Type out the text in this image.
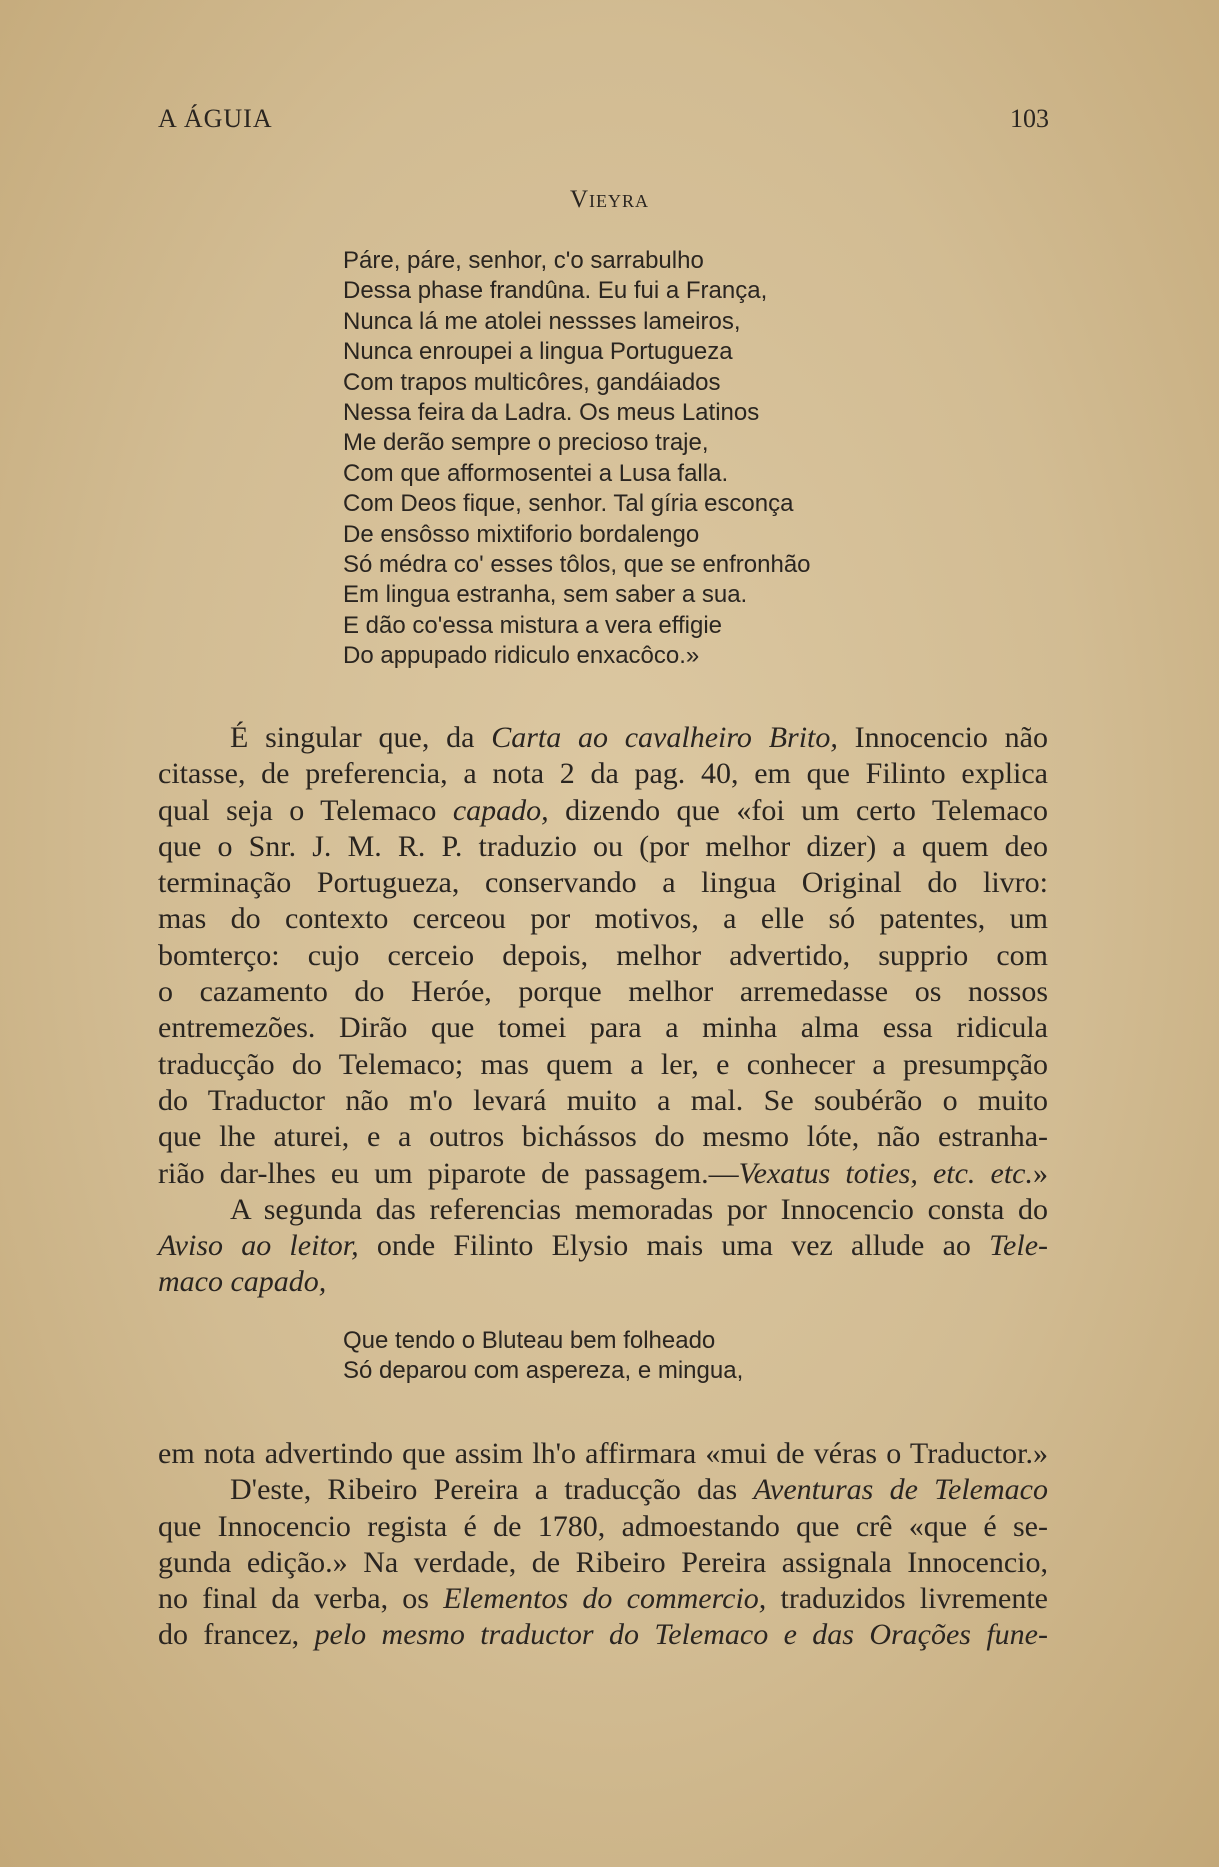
A ÁGUIA	103
Vieyra
Páre, páre, senhor, c'o sarrabulho
Dessa phase frandûna. Eu fui a França,
Nunca lá me atolei nessses lameiros,
Nunca enroupei a lingua Portugueza
Com trapos multicôres, gandáiados
Nessa feira da Ladra. Os meus Latinos
Me derão sempre o precioso traje,
Com que afformosentei a Lusa falla.
Com Deos fique, senhor. Tal gíria esconça
De ensôsso mixtiforio bordalengo
Só médra co' esses tôlos, que se enfronhão
Em lingua estranha, sem saber a sua.
E dão co'essa mistura a vera effigie
Do appupado ridiculo enxacôco.»
É singular que, da Carta ao cavalheiro Brito, Innocencio não
citasse, de preferencia, a nota 2 da pag. 40, em que Filinto explica
qual seja o Telemaco capado, dizendo que «foi um certo Telemaco
que o Snr. J. M. R. P. traduzio ou (por melhor dizer) a quem deo
terminação Portugueza, conservando a lingua Original do livro:
mas do contexto cerceou por motivos, a elle só patentes, um
bomterço: cujo cerceio depois, melhor advertido, supprio com
o cazamento do Heróe, porque melhor arremedasse os nossos
entremezões. Dirão que tomei para a minha alma essa ridicula
traducção do Telemaco; mas quem a ler, e conhecer a presumpção
do Traductor não m'o levará muito a mal. Se soubérão o muito
que lhe aturei, e a outros bichássos do mesmo lóte, não estranha-
rião dar-lhes eu um piparote de passagem.—Vexatus toties, etc. etc.»
A segunda das referencias memoradas por Innocencio consta do
Aviso ao leitor, onde Filinto Elysio mais uma vez allude ao Tele-
maco capado,
Que tendo o Bluteau bem folheado
Só deparou com aspereza, e mingua,
em nota advertindo que assim lh'o affirmara «mui de véras o Traductor.»
D'este, Ribeiro Pereira a traducção das Aventuras de Telemaco
que Innocencio regista é de 1780, admoestando que crê «que é se-
gunda edição.» Na verdade, de Ribeiro Pereira assignala Innocencio,
no final da verba, os Elementos do commercio, traduzidos livremente
do francez, pelo mesmo traductor do Telemaco e das Orações fune-
